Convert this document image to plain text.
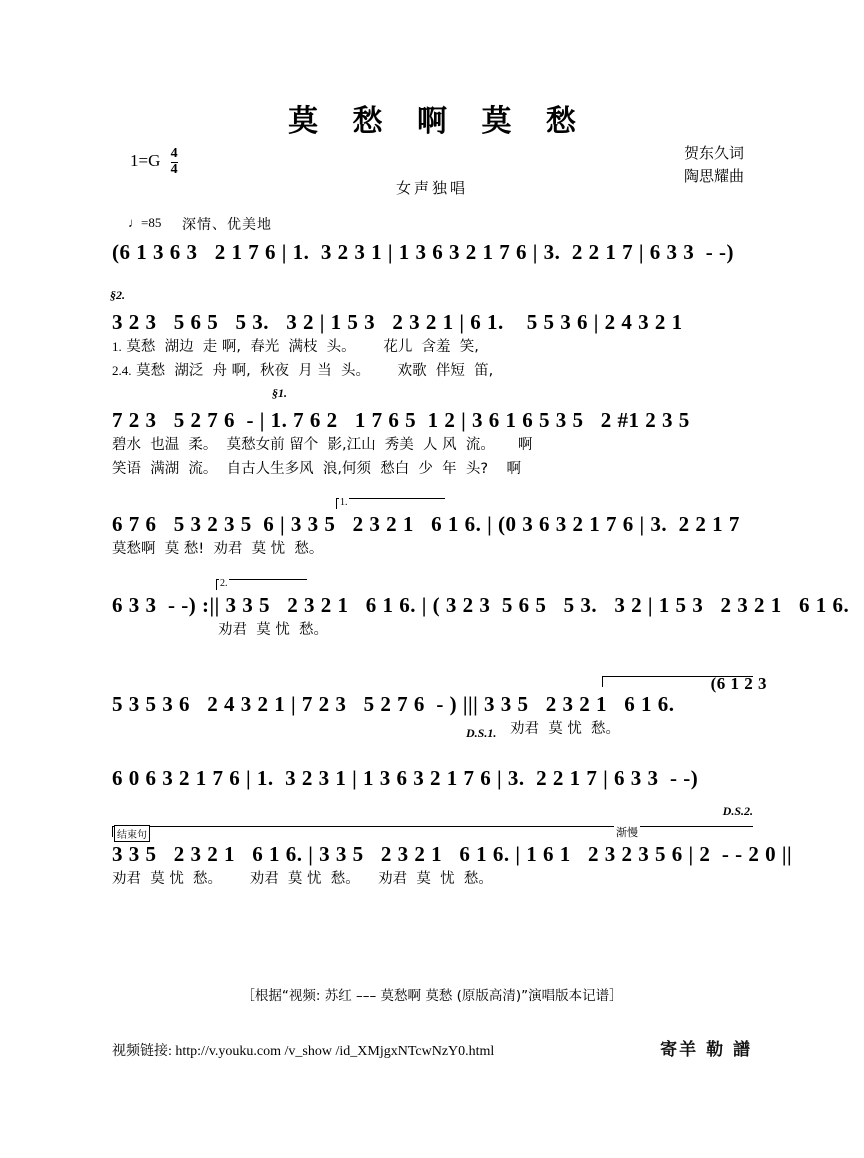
莫 愁 啊 莫 愁
$1=G \frac{4}{4}$	贺东久词
陶思耀曲
女声独唱
♩=85 深情、优美地
(6 1 3 6 3   2 1 7 6 | 1.  3 2 3 1 | 1 3 6 3 2 1 7 6 | 3.  2 2 1 7 | 6 3 3  - -)
§2.
3 2 3   5 6 5   5 3.   3 2 | 1 5 3   2 3 2 1 | 6 1.    5 5 3 6 | 2 4 3 2 1
1. 莫愁  湖边  走 啊,  春光  满枝  头。      花儿  含羞  笑,
2.4. 莫愁  湖泛  舟 啊,  秋夜  月 当  头。      欢歌  伴短  笛,
§1.
7 2 3   5 2 7 6  - | 1. 7 6 2   1 7 6 5  1 2 | 3 6 1 6 5 3 5   2 #1 2 3 5
碧水  也温  柔。  莫愁女前 留个  影,江山  秀美  人 风  流。     啊
笑语  满湖  流。  自古人生多风  浪,何须  愁白  少  年  头?    啊
1.
6 7 6   5 3 2 3 5  6 | 3 3 5   2 3 2 1   6 1 6. | (0 3 6 3 2 1 7 6 | 3.  2 2 1 7
莫愁啊  莫 愁!  劝君  莫 忧  愁。
2.
6 3 3  - -) :|| 3 3 5   2 3 2 1   6 1 6. | ( 3 2 3  5 6 5   5 3.   3 2 | 1 5 3   2 3 2 1   6 1 6.
劝君  莫 忧  愁。
(6 1 2 3
5 3 5 3 6   2 4 3 2 1 | 7 2 3   5 2 7 6  - ) ||| 3 3 5   2 3 2 1   6 1 6.
D.S.1. 劝君  莫 忧  愁。
6 0 6 3 2 1 7 6 | 1.  3 2 3 1 | 1 3 6 3 2 1 7 6 | 3.  2 2 1 7 | 6 3 3  - -)
D.S.2.
结束句	渐慢
3 3 5   2 3 2 1   6 1 6. | 3 3 5   2 3 2 1   6 1 6. | 1 6 1   2 3 2 3 5 6 | 2  - - 2 0 ||
劝君  莫 忧  愁。      劝君  莫 忧  愁。    劝君  莫  忧  愁。
［根据“视频: 苏红 ––– 莫愁啊 莫愁 (原版高清)”演唱版本记谱］
视频链接: http://v.youku.com /v_show /id_XMjgxNTcwNzY0.html	寄羊 勒 譜
